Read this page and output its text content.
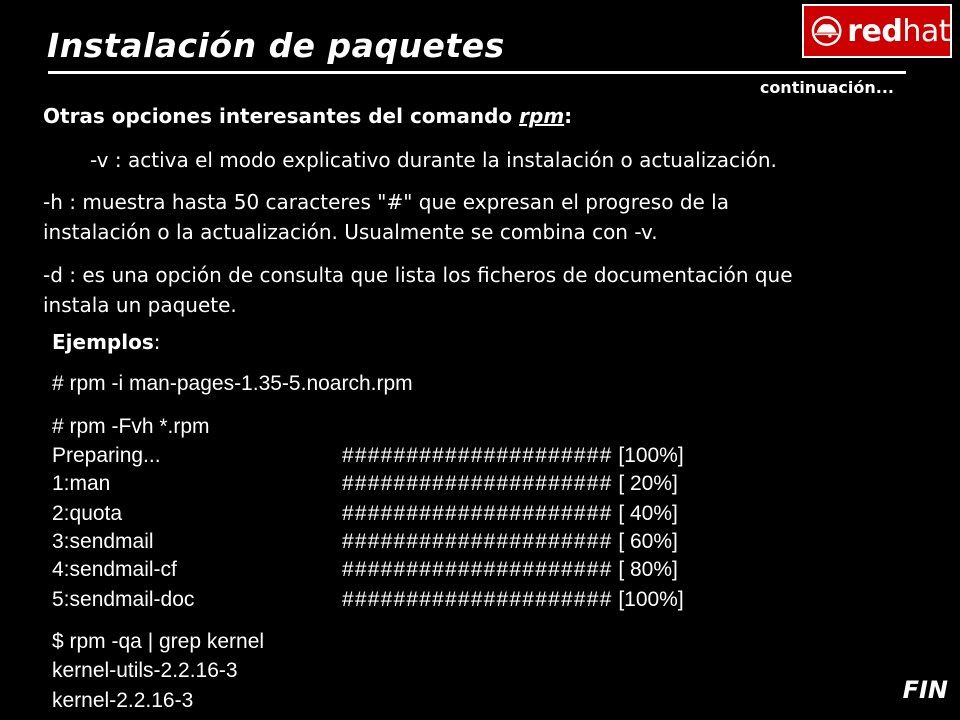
Instalación de paquetes
continuación...
redhat
Otras opciones interesantes del comando rpm:
-v : activa el modo explicativo durante la instalación o actualización.
-h : muestra hasta 50 caracteres "#" que expresan el progreso de la
instalación o la actualización. Usualmente se combina con -v.
-d : es una opción de consulta que lista los ficheros de documentación que
instala un paquete.
Ejemplos:
# rpm -i man-pages-1.35-5.noarch.rpm
# rpm -Fvh *.rpm
Preparing...	##################### [100%]
1:man	##################### [ 20%]
2:quota	##################### [ 40%]
3:sendmail	##################### [ 60%]
4:sendmail-cf	##################### [ 80%]
5:sendmail-doc	##################### [100%]
$ rpm -qa | grep kernel
kernel-utils-2.2.16-3
kernel-2.2.16-3	FIN
